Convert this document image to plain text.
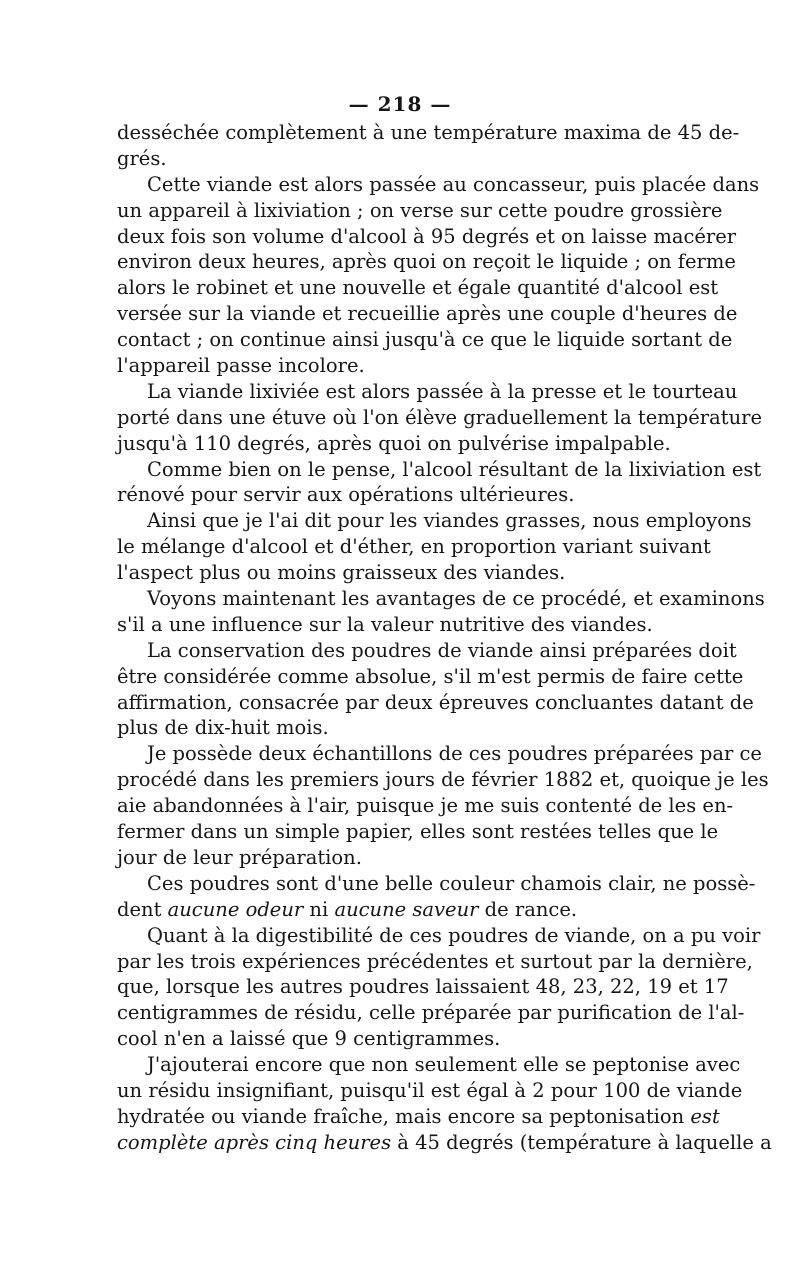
— 218 —
desséchée complètement à une température maxima de 45 de-
grés.
Cette viande est alors passée au concasseur, puis placée dans
un appareil à lixiviation ; on verse sur cette poudre grossière
deux fois son volume d'alcool à 95 degrés et on laisse macérer
environ deux heures, après quoi on reçoit le liquide ; on ferme
alors le robinet et une nouvelle et égale quantité d'alcool est
versée sur la viande et recueillie après une couple d'heures de
contact ; on continue ainsi jusqu'à ce que le liquide sortant de
l'appareil passe incolore.
La viande lixiviée est alors passée à la presse et le tourteau
porté dans une étuve où l'on élève graduellement la température
jusqu'à 110 degrés, après quoi on pulvérise impalpable.
Comme bien on le pense, l'alcool résultant de la lixiviation est
rénové pour servir aux opérations ultérieures.
Ainsi que je l'ai dit pour les viandes grasses, nous employons
le mélange d'alcool et d'éther, en proportion variant suivant
l'aspect plus ou moins graisseux des viandes.
Voyons maintenant les avantages de ce procédé, et examinons
s'il a une influence sur la valeur nutritive des viandes.
La conservation des poudres de viande ainsi préparées doit
être considérée comme absolue, s'il m'est permis de faire cette
affirmation, consacrée par deux épreuves concluantes datant de
plus de dix-huit mois.
Je possède deux échantillons de ces poudres préparées par ce
procédé dans les premiers jours de février 1882 et, quoique je les
aie abandonnées à l'air, puisque je me suis contenté de les en-
fermer dans un simple papier, elles sont restées telles que le
jour de leur préparation.
Ces poudres sont d'une belle couleur chamois clair, ne possè-
dent aucune odeur ni aucune saveur de rance.
Quant à la digestibilité de ces poudres de viande, on a pu voir
par les trois expériences précédentes et surtout par la dernière,
que, lorsque les autres poudres laissaient 48, 23, 22, 19 et 17
centigrammes de résidu, celle préparée par purification de l'al-
cool n'en a laissé que 9 centigrammes.
J'ajouterai encore que non seulement elle se peptonise avec
un résidu insignifiant, puisqu'il est égal à 2 pour 100 de viande
hydratée ou viande fraîche, mais encore sa peptonisation est
complète après cinq heures à 45 degrés (température à laquelle a
